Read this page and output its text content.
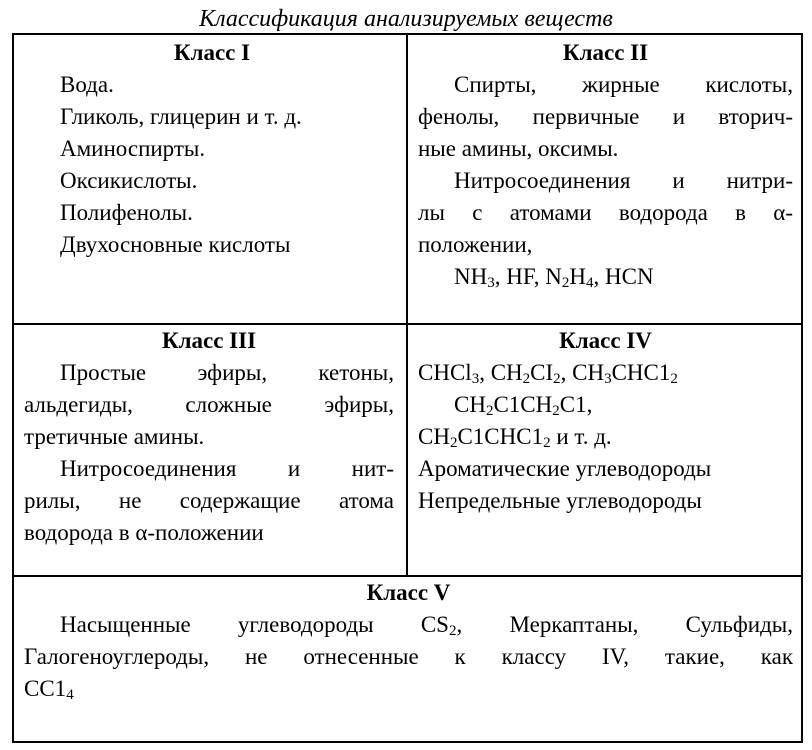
Классификация анализируемых веществ
Класс I
Вода.
Гликоль, глицерин и т. д.
Аминоспирты.
Оксикислоты.
Полифенолы.
Двухосновные кислоты
Класс II
Спирты, жирные кислоты,
фенолы, первичные и вторич-
ные амины, оксимы.
Нитросоединения и нитри-
лы с атомами водорода в α-
положении,
$NH_3$, HF, $N_2H_4$, HCN
Класс III
Простые эфиры, кетоны,
альдегиды, сложные эфиры,
третичные амины.
Нитросоединения и нит-
рилы, не содержащие атома
водорода в α-положении
Класс IV
CHCl$_3$, $CH_2CI_2$, $CH_3CHC1_2$
$CH_2C1CH_2C1$,
$CH_2C1CHC1_2$ и т. д.
Ароматические углеводороды
Непредельные углеводороды
Класс V
Насыщенные углеводороды $CS_2$, Меркаптаны, Сульфиды,
Галогеноуглероды, не отнесенные к классу IV, такие, как
$CC1_4$
